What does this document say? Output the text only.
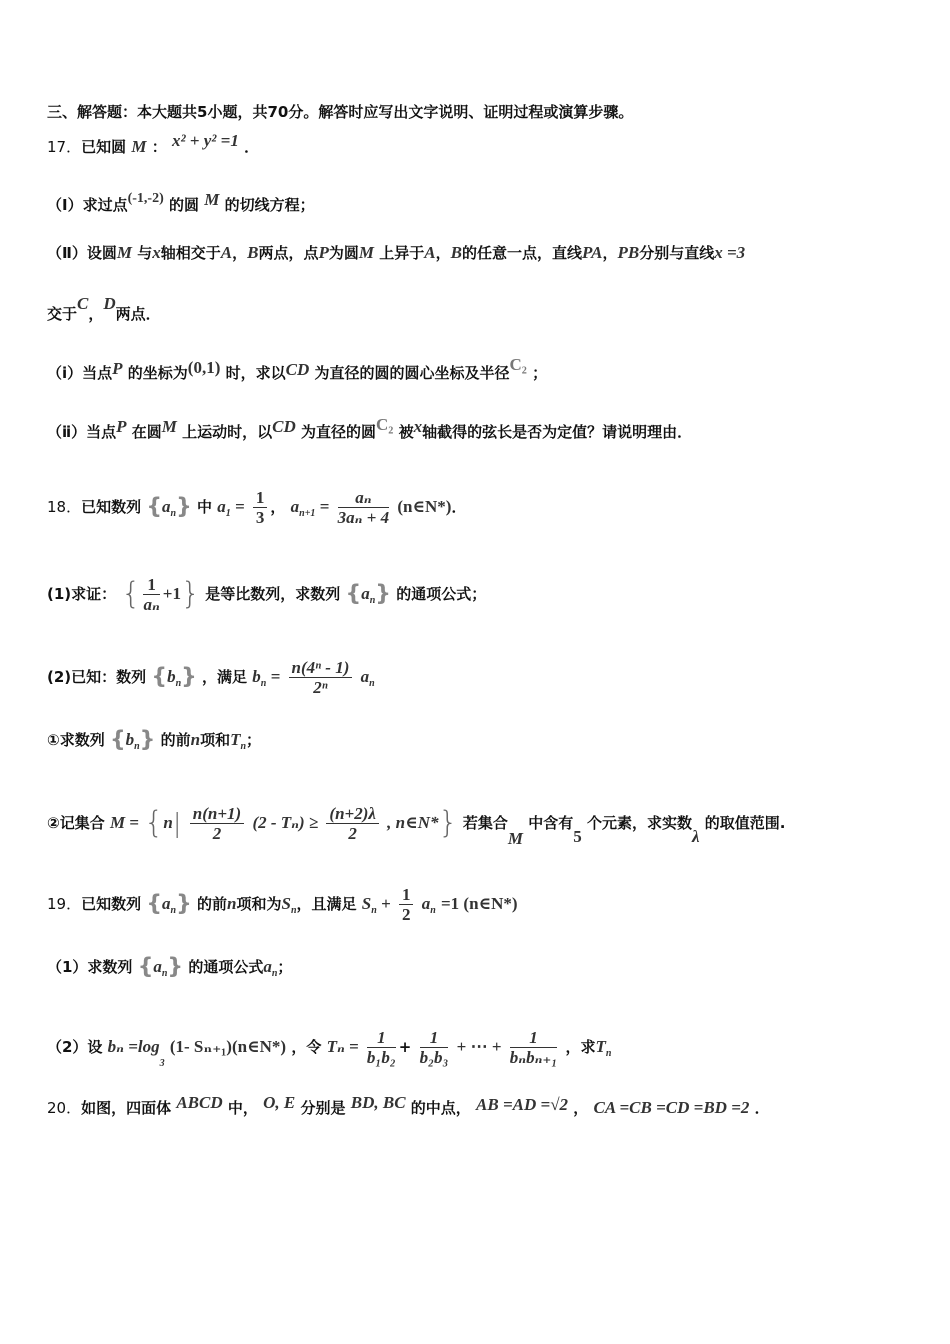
三、解答题：本大题共5小题，共70分。解答时应写出文字说明、证明过程或演算步骤。
17．已知圆 M ： x² + y² =1 ．
（Ⅰ）求过点(-1,-2) 的圆 M 的切线方程；
（Ⅱ）设圆M 与x轴相交于A，B两点，点P为圆M 上异于A，B的任意一点，直线PA，PB分别与直线x =3
交于C，D两点．
（ⅰ）当点P 的坐标为(0,1) 时，求以CD 为直径的圆的圆心坐标及半径C₂ ；
（ⅱ）当点P 在圆M 上运动时，以CD 为直径的圆C₂ 被x轴截得的弦长是否为定值？请说明理由．
18．已知数列 $\{a_n\}$ 中 $a_1 = \frac{1}{3}$ ， $a_{n+1} = \frac{\text{aₙ}}{\text{3aₙ + 4}}$ (n∈N*)．
(1)求证： { $\frac{1}{\text{aₙ}} +1$} 是等比数列，求数列 $\{a_n\}$ 的通项公式；
(2)已知：数列 $\{b_n\}$ ，满足 $b_n = \frac{\text{n(4ⁿ - 1)}}{\text{2ⁿ}} a_n$
①求数列 $\{b_n\}$ 的前n项和$T_n$；
②记集合 $M = \{n| \frac{n(n+1)}{2} (2 - T_n) \ge \frac{(n+2)\lambda}{2}$ , n∈N*} 若集合M 中含有5 个元素，求实数λ 的取值范围.
19．已知数列 $\{a_n\}$ 的前n项和为$S_n$，且满足 $S_n + \frac{1}{2} a_n =1$ (n∈N*)
（1）求数列 $\{a_n\}$ 的通项公式$a_n$；
（2）设 $b_n =\log_3$ (1- Sₙ₊₁)(n∈N*) ，令 $T_n = \frac{1}{\text{b₁b₂}} + \frac{1}{\text{b₂b₃}}$ + ⋯ + $\frac{1}{\text{bₙbₙ₊₁}}$ ，求$T_n$
20．如图，四面体 ABCD 中， O, E 分别是 BD, BC 的中点， AB =AD =√2 ， CA =CB =CD =BD =2 ．
